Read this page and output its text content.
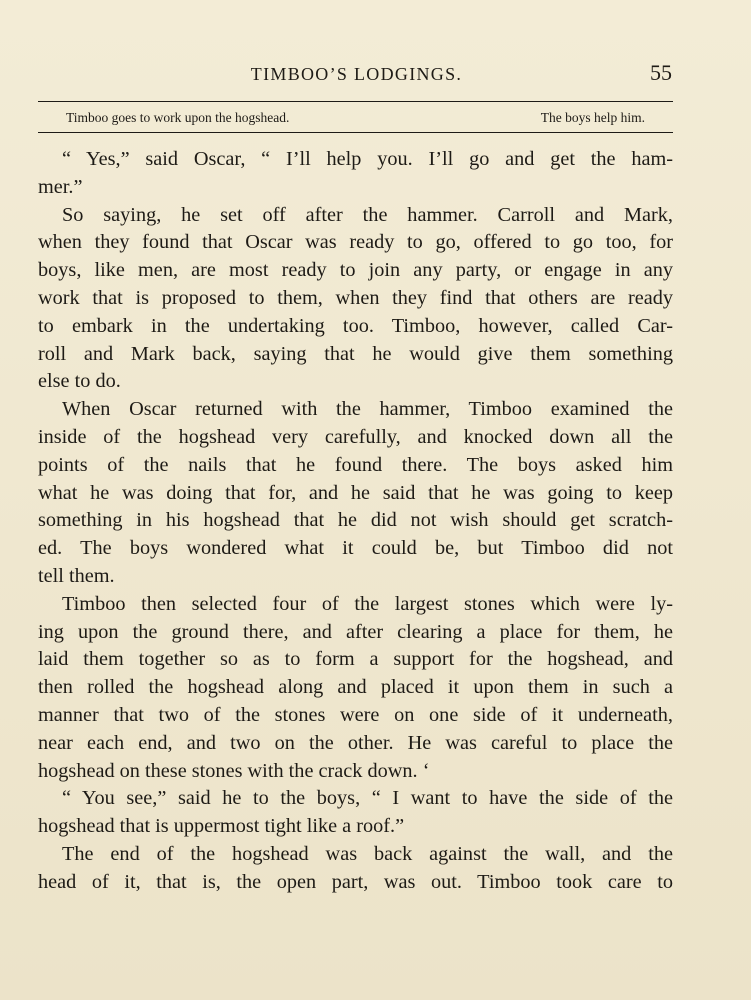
TIMBOO’S LODGINGS.	55
Timboo goes to work upon the hogshead.	The boys help him.
“ Yes,” said Oscar, “ I’ll help you. I’ll go and get the ham-
mer.”
So saying, he set off after the hammer. Carroll and Mark,
when they found that Oscar was ready to go, offered to go too, for
boys, like men, are most ready to join any party, or engage in any
work that is proposed to them, when they find that others are ready
to embark in the undertaking too. Timboo, however, called Car-
roll and Mark back, saying that he would give them something
else to do.
When Oscar returned with the hammer, Timboo examined the
inside of the hogshead very carefully, and knocked down all the
points of the nails that he found there. The boys asked him
what he was doing that for, and he said that he was going to keep
something in his hogshead that he did not wish should get scratch-
ed. The boys wondered what it could be, but Timboo did not
tell them.
Timboo then selected four of the largest stones which were ly-
ing upon the ground there, and after clearing a place for them, he
laid them together so as to form a support for the hogshead, and
then rolled the hogshead along and placed it upon them in such a
manner that two of the stones were on one side of it underneath,
near each end, and two on the other. He was careful to place the
hogshead on these stones with the crack down. ‘
“ You see,” said he to the boys, “ I want to have the side of the
hogshead that is uppermost tight like a roof.”
The end of the hogshead was back against the wall, and the
head of it, that is, the open part, was out. Timboo took care to
